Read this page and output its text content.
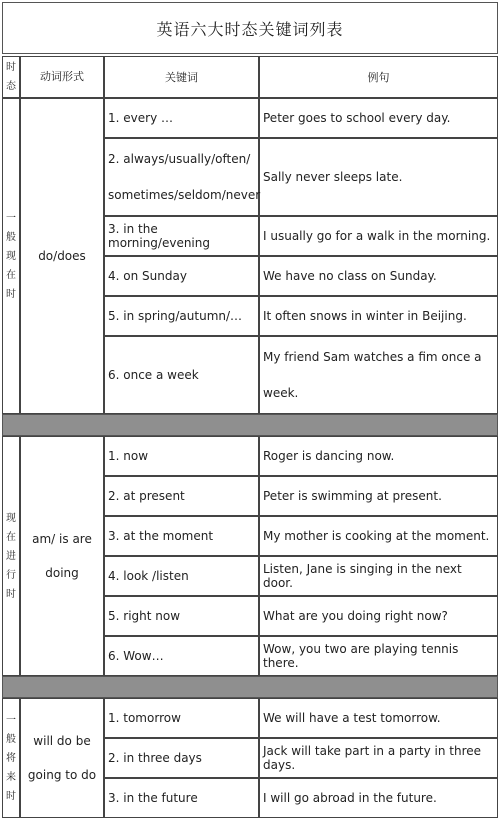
英语六大时态关键词列表
时态	动词形式	关键词	例句
一般现在时	do/does	1. every …	Peter goes to school every day.
		2. always/usually/often/ sometimes/seldom/never	Sally never sleeps late.
		3. in the morning/evening	I usually go for a walk in the morning.
		4. on Sunday	We have no class on Sunday.
		5. in spring/autumn/…	It often snows in winter in Beijing.
		6. once a week	My friend Sam watches a fim once a week.

现在进行时	am/ is are doing	1. now	Roger is dancing now.
		2. at present	Peter is swimming at present.
		3. at the moment	My mother is cooking at the moment.
		4. look /listen	Listen, Jane is singing in the next door.
		5. right now	What are you doing right now?
		6. Wow…	Wow, you two are playing tennis there.

一般将来时	will do be going to do	1. tomorrow	We will have a test tomorrow.
		2. in three days	Jack will take part in a party in three days.
		3. in the future	I will go abroad in the future.
